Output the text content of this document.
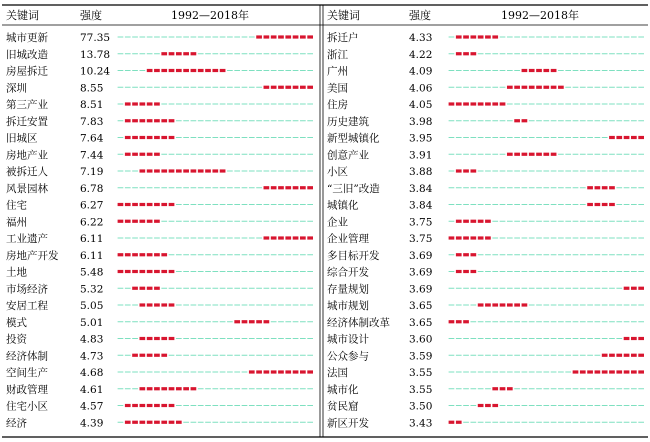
关键词	强度	1992—2018年	关键词	强度	1992—2018年
城市更新	77.35
旧城改造	13.78
房屋拆迁	10.24
深圳	8.55
第三产业	8.51
拆迁安置	7.83
旧城区	7.64
房地产业	7.44
被拆迁人	7.19
风景园林	6.78
住宅	6.27
福州	6.22
工业遗产	6.11
房地产开发 6.11
土地	5.48
市场经济	5.32
安居工程	5.05
模式	5.01
投资	4.83
经济体制	4.73
空间生产	4.68
财政管理	4.61
住宅小区	4.57
经济	4.39
拆迁户	4.33
浙江	4.22
广州	4.09
美国	4.06
住房	4.05
历史建筑	3.98
新型城镇化	3.95
创意产业	3.91
小区	3.88
“三旧”改造	3.84
城镇化	3.84
企业	3.75
企业管理	3.75
多目标开发	3.69
综合开发	3.69
存量规划	3.69
城市规划	3.65
经济体制改革 3.65
城市设计	3.60
公众参与	3.59
法国	3.55
城市化	3.55
贫民窟	3.50
新区开发	3.43
